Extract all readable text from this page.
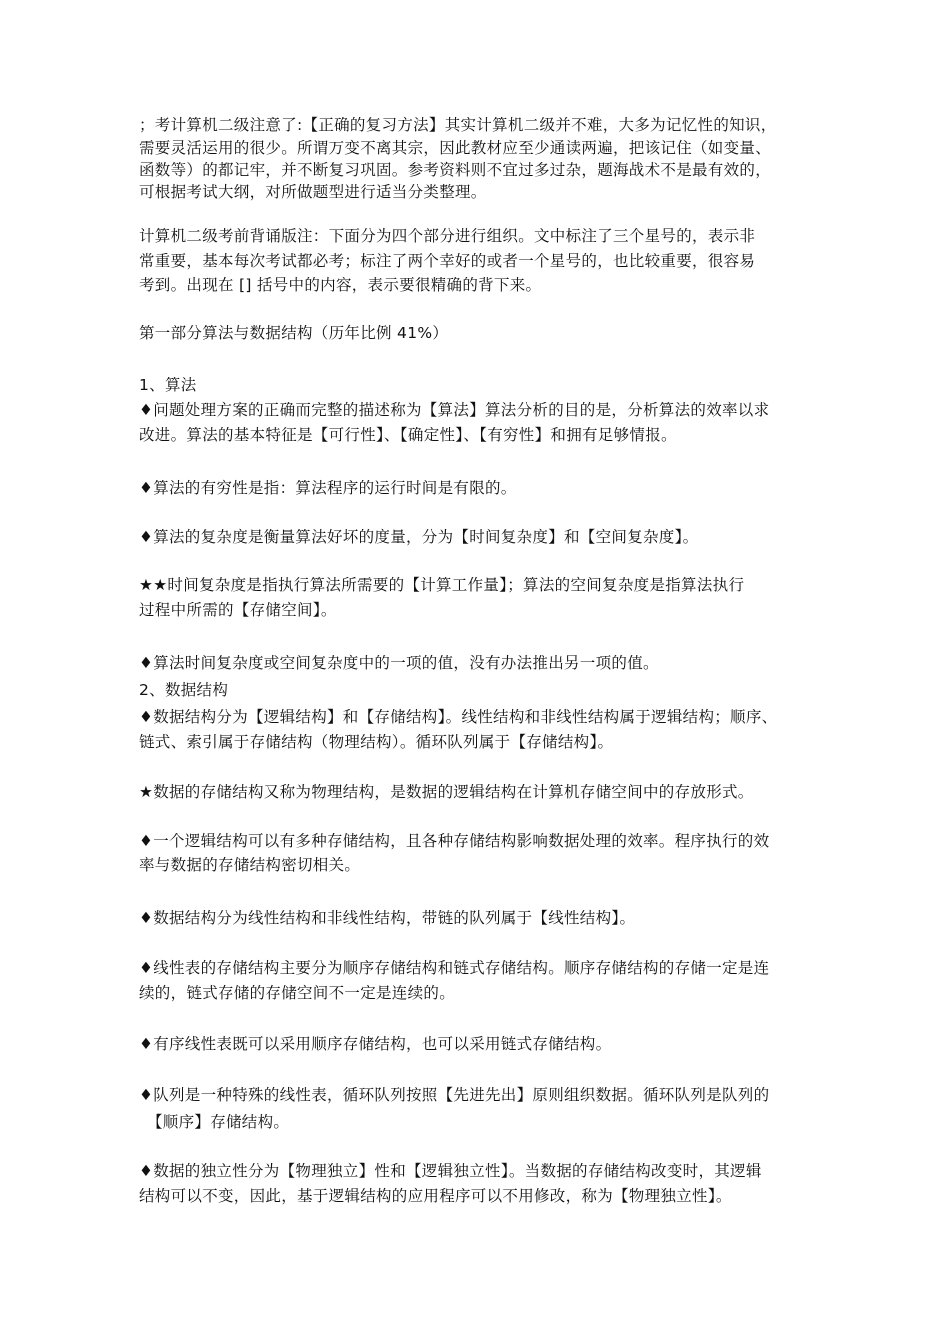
；考计算机二级注意了:【正确的复习方法】其实计算机二级并不难，大多为记忆性的知识，
需要灵活运用的很少。所谓万变不离其宗，因此教材应至少通读两遍，把该记住（如变量、
函数等）的都记牢，并不断复习巩固。参考资料则不宜过多过杂，题海战术不是最有效的，
可根据考试大纲，对所做题型进行适当分类整理。
计算机二级考前背诵版注：下面分为四个部分进行组织。文中标注了三个星号的，表示非
常重要，基本每次考试都必考；标注了两个幸好的或者一个星号的，也比较重要，很容易
考到。出现在 [] 括号中的内容，表示要很精确的背下来。
第一部分算法与数据结构（历年比例 41%）
1、算法
♦问题处理方案的正确而完整的描述称为【算法】算法分析的目的是，分析算法的效率以求
改进。算法的基本特征是【可行性】、【确定性】、【有穷性】和拥有足够情报。
♦算法的有穷性是指：算法程序的运行时间是有限的。
♦算法的复杂度是衡量算法好坏的度量，分为【时间复杂度】和【空间复杂度】。
★★时间复杂度是指执行算法所需要的【计算工作量】；算法的空间复杂度是指算法执行
过程中所需的【存储空间】。
♦算法时间复杂度或空间复杂度中的一项的值，没有办法推出另一项的值。
2、数据结构
♦数据结构分为【逻辑结构】和【存储结构】。线性结构和非线性结构属于逻辑结构；顺序、
链式、索引属于存储结构（物理结构）。循环队列属于【存储结构】。
★数据的存储结构又称为物理结构，是数据的逻辑结构在计算机存储空间中的存放形式。
♦一个逻辑结构可以有多种存储结构，且各种存储结构影响数据处理的效率。程序执行的效
率与数据的存储结构密切相关。
♦数据结构分为线性结构和非线性结构，带链的队列属于【线性结构】。
♦线性表的存储结构主要分为顺序存储结构和链式存储结构。顺序存储结构的存储一定是连
续的，链式存储的存储空间不一定是连续的。
♦有序线性表既可以采用顺序存储结构，也可以采用链式存储结构。
♦队列是一种特殊的线性表，循环队列按照【先进先出】原则组织数据。循环队列是队列的
【顺序】存储结构。
♦数据的独立性分为【物理独立】性和【逻辑独立性】。当数据的存储结构改变时，其逻辑
结构可以不变，因此，基于逻辑结构的应用程序可以不用修改，称为【物理独立性】。
